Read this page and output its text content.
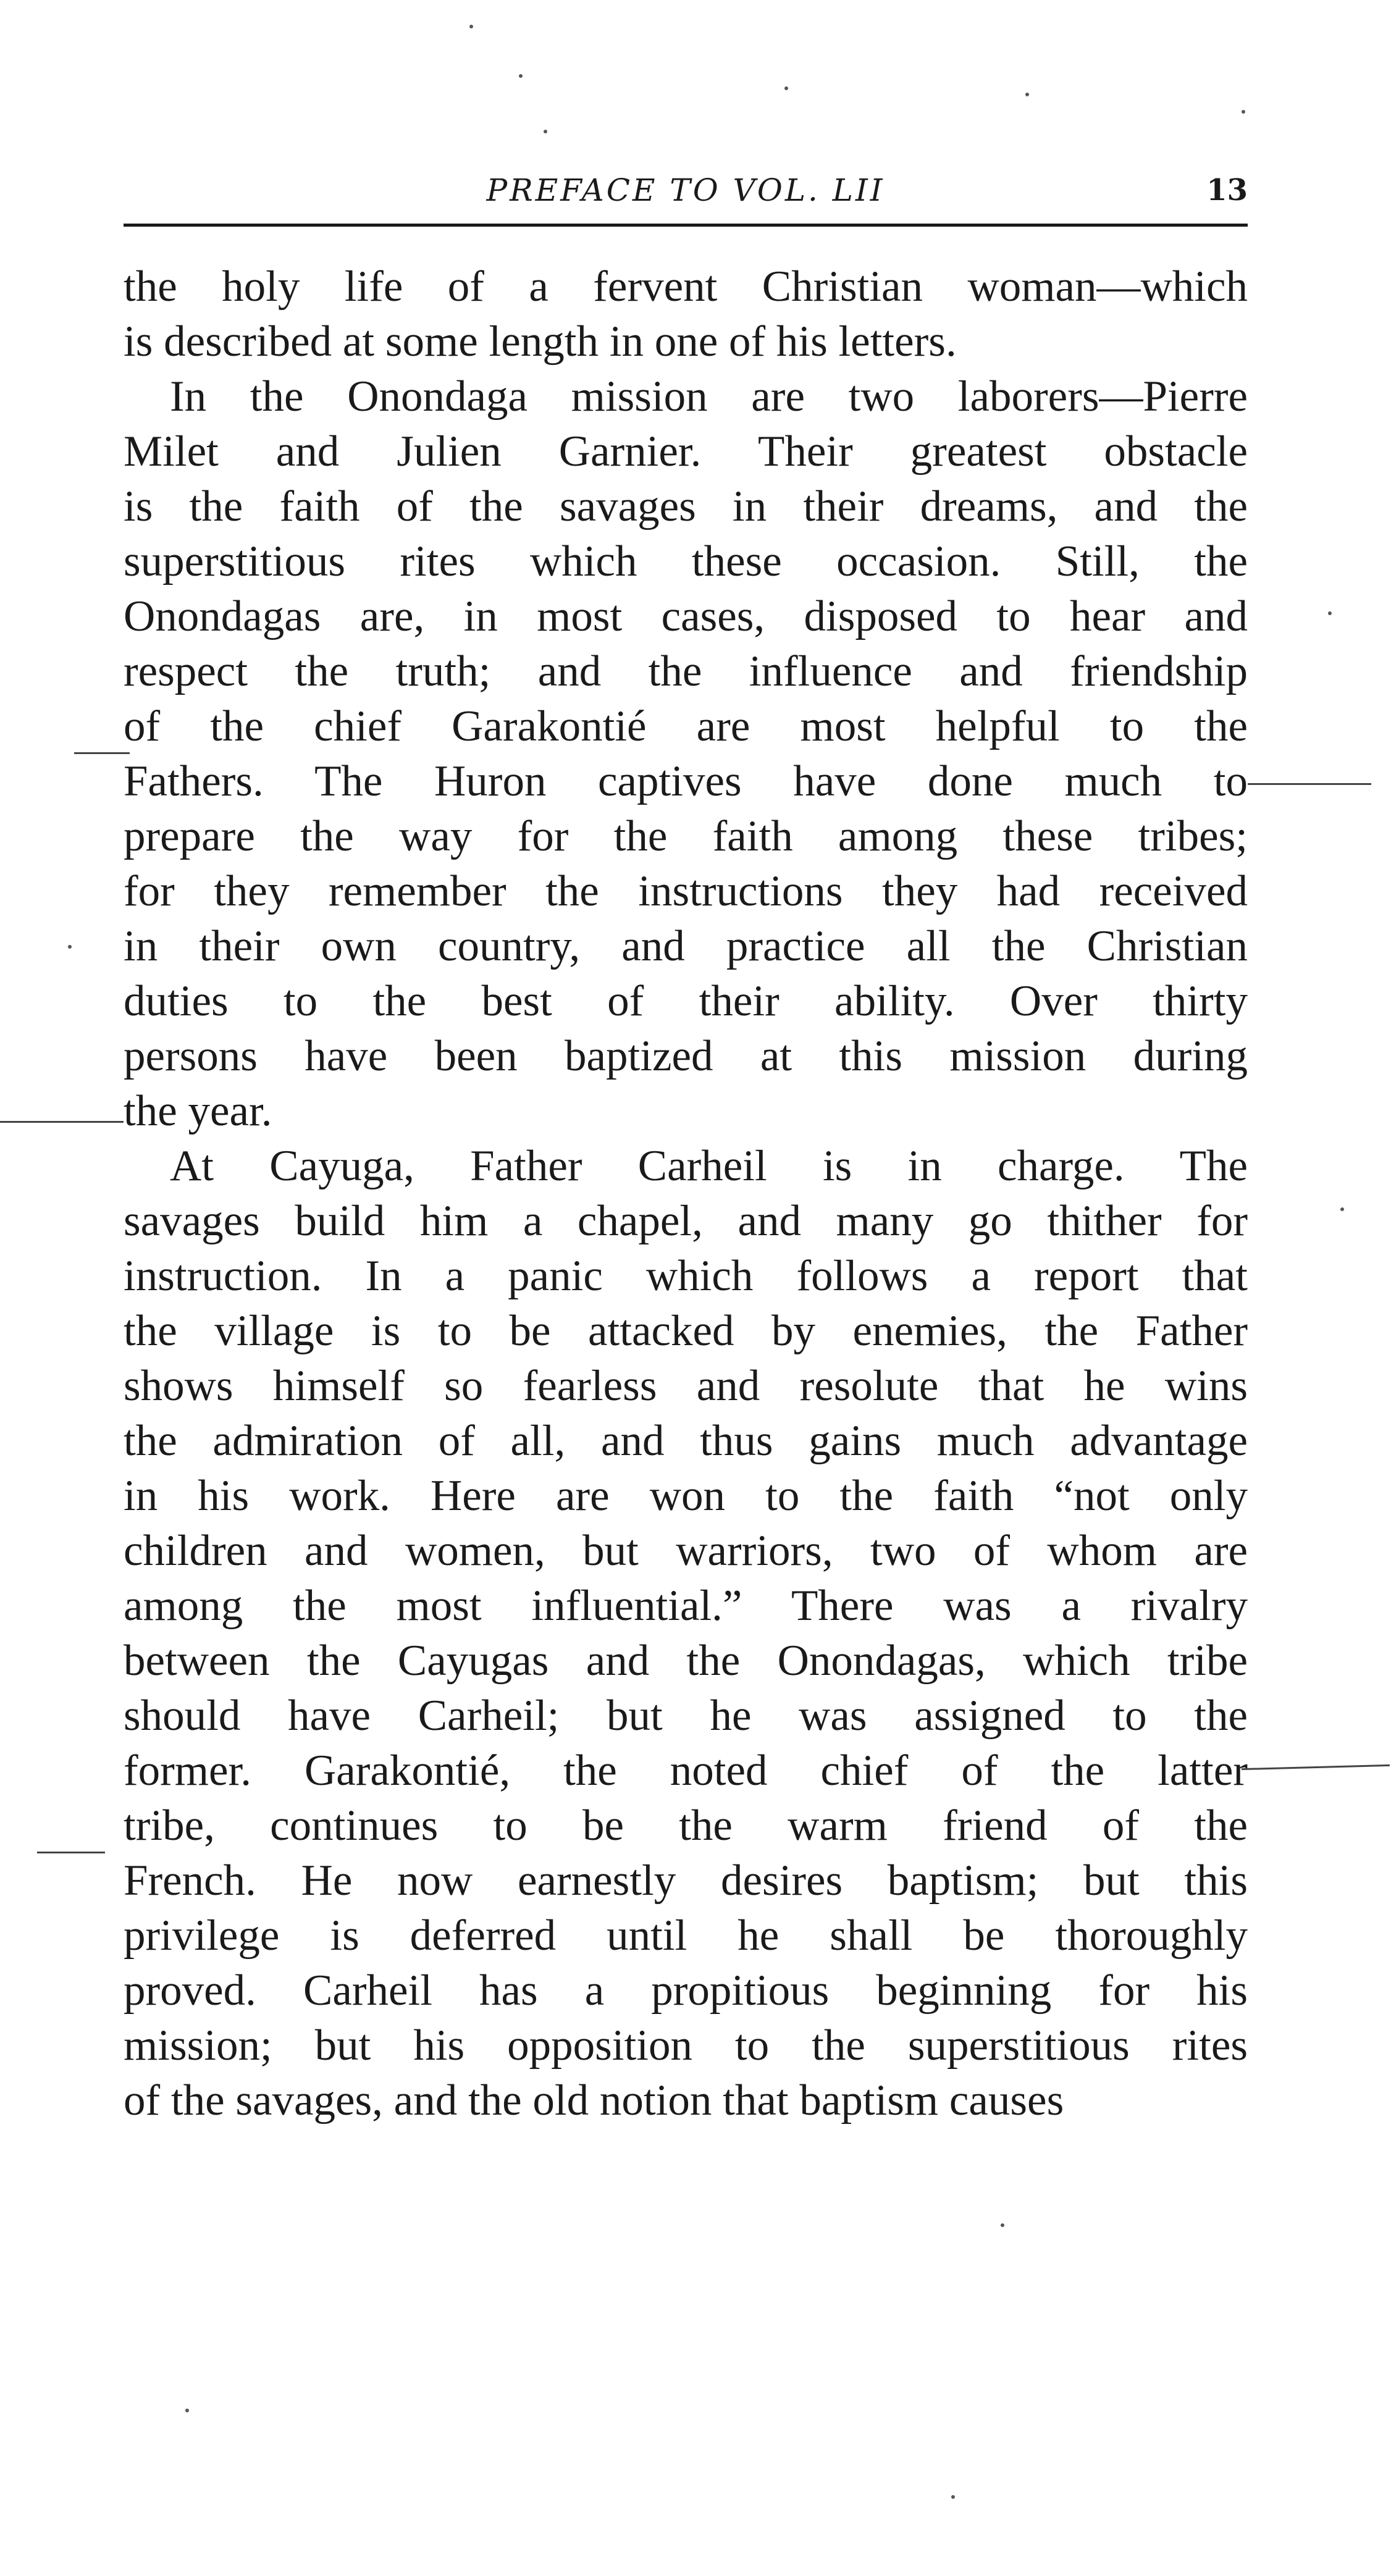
PREFACE TO VOL. LII	13
the holy life of a fervent Christian woman—which
is described at some length in one of his letters.
In the Onondaga mission are two laborers—Pierre
Milet and Julien Garnier. Their greatest obstacle
is the faith of the savages in their dreams, and the
superstitious rites which these occasion. Still, the
Onondagas are, in most cases, disposed to hear and
respect the truth; and the influence and friendship
of the chief Garakontié are most helpful to the
Fathers. The Huron captives have done much to
prepare the way for the faith among these tribes;
for they remember the instructions they had received
in their own country, and practice all the Christian
duties to the best of their ability. Over thirty
persons have been baptized at this mission during
the year.
At Cayuga, Father Carheil is in charge. The
savages build him a chapel, and many go thither for
instruction. In a panic which follows a report that
the village is to be attacked by enemies, the Father
shows himself so fearless and resolute that he wins
the admiration of all, and thus gains much advantage
in his work. Here are won to the faith “not only
children and women, but warriors, two of whom are
among the most influential.” There was a rivalry
between the Cayugas and the Onondagas, which tribe
should have Carheil; but he was assigned to the
former. Garakontié, the noted chief of the latter
tribe, continues to be the warm friend of the
French. He now earnestly desires baptism; but this
privilege is deferred until he shall be thoroughly
proved. Carheil has a propitious beginning for his
mission; but his opposition to the superstitious rites
of the savages, and the old notion that baptism causes
